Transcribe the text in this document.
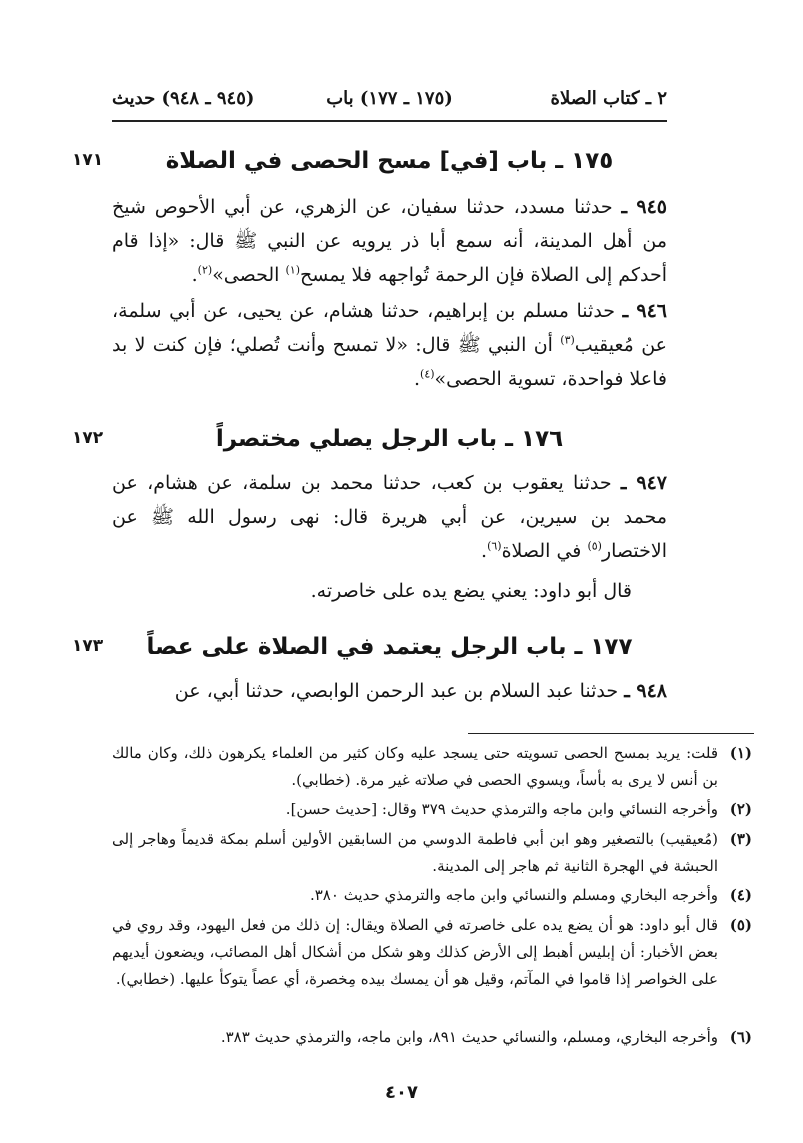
٢ ـ كتاب الصلاة
(١٧٥ ـ ١٧٧) باب
(٩٤٥ ـ ٩٤٨) حديث
١٧١	١٧٥ ـ باب [في] مسح الحصى في الصلاة
٩٤٥ ـ حدثنا مسدد، حدثنا سفيان، عن الزهري، عن أبي الأحوص شيخ من أهل المدينة، أنه سمع أبا ذر يرويه عن النبي ﷺ قال: «إذا قام أحدكم إلى الصلاة فإن الرحمة تُواجهه فلا يمسح$^{(١)}$ الحصى»$^{(٢)}$.
٩٤٦ ـ حدثنا مسلم بن إبراهيم، حدثنا هشام، عن يحيى، عن أبي سلمة، عن مُعيقيب$^{(٣)}$ أن النبي ﷺ قال: «لا تمسح وأنت تُصلي؛ فإن كنت لا بد فاعلا فواحدة، تسوية الحصى»$^{(٤)}$.
١٧٢	١٧٦ ـ باب الرجل يصلي مختصراً
٩٤٧ ـ حدثنا يعقوب بن كعب، حدثنا محمد بن سلمة، عن هشام، عن محمد بن سيرين، عن أبي هريرة قال: نهى رسول الله ﷺ عن الاختصار$^{(٥)}$ في الصلاة$^{(٦)}$.
قال أبو داود: يعني يضع يده على خاصرته.
١٧٣	١٧٧ ـ باب الرجل يعتمد في الصلاة على عصاً
٩٤٨ ـ حدثنا عبد السلام بن عبد الرحمن الوابصي، حدثنا أبي، عن
(١)
قلت: يريد بمسح الحصى تسويته حتى يسجد عليه وكان كثير من العلماء يكرهون ذلك، وكان مالك بن أنس لا يرى به بأساً، ويسوي الحصى في صلاته غير مرة. (خطابي).
(٢)
وأخرجه النسائي وابن ماجه والترمذي حديث ٣٧٩ وقال: [حديث حسن].
(٣)
(مُعيقيب) بالتصغير وهو ابن أبي فاطمة الدوسي من السابقين الأولين أسلم بمكة قديماً وهاجر إلى الحبشة في الهجرة الثانية ثم هاجر إلى المدينة.
(٤)
وأخرجه البخاري ومسلم والنسائي وابن ماجه والترمذي حديث ٣٨٠.
(٥)
قال أبو داود: هو أن يضع يده على خاصرته في الصلاة ويقال: إن ذلك من فعل اليهود، وقد روي في بعض الأخبار: أن إبليس أهبط إلى الأرض كذلك وهو شكل من أشكال أهل المصائب، ويضعون أيديهم على الخواصر إذا قاموا في المآتم، وقيل هو أن يمسك بيده مِخصرة، أي عصاً يتوكأ عليها. (خطابي).
(٦)
وأخرجه البخاري، ومسلم، والنسائي حديث ٨٩١، وابن ماجه، والترمذي حديث ٣٨٣.
٤٠٧
